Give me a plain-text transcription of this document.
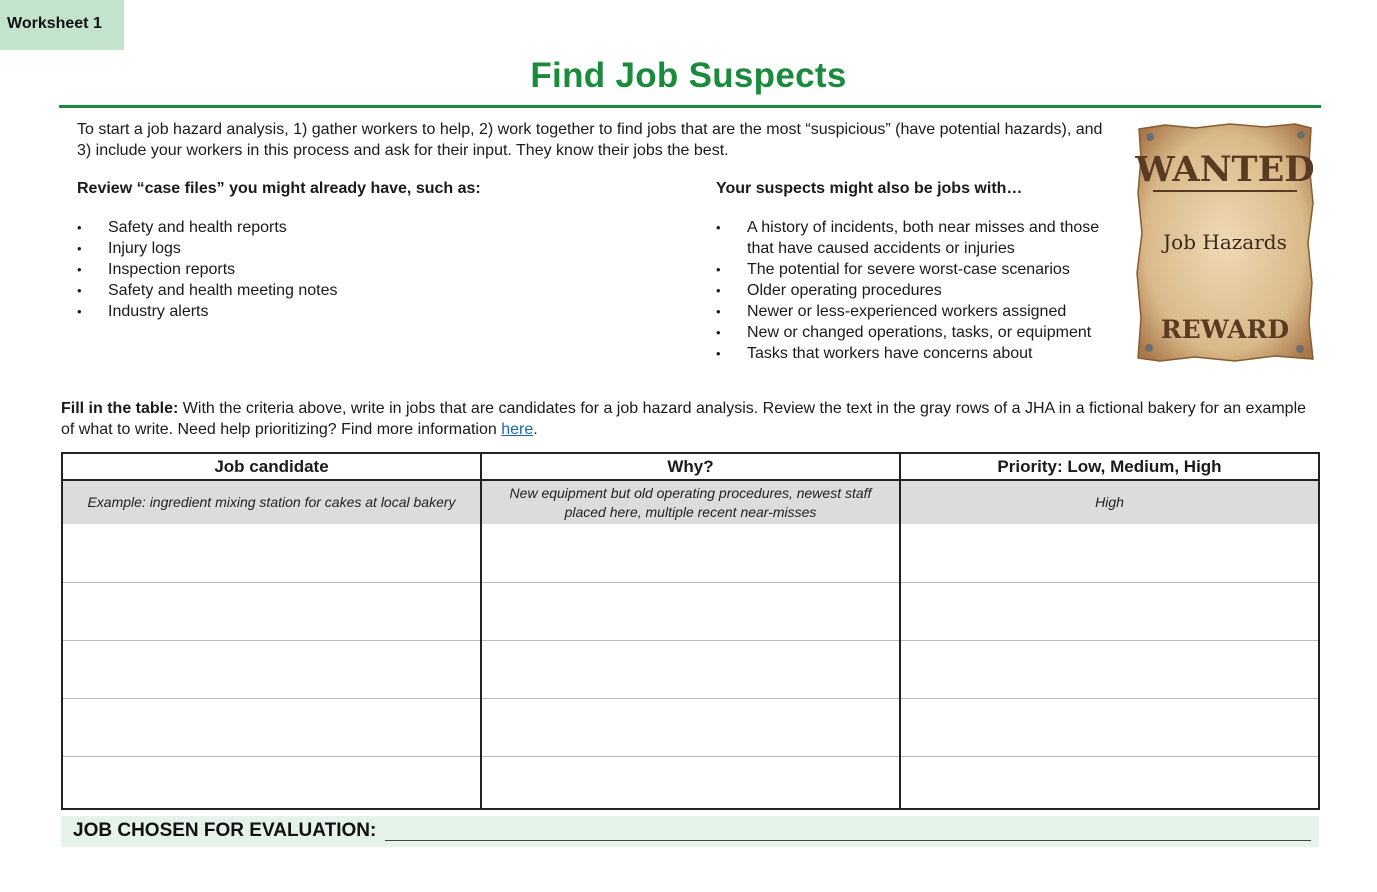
Worksheet 1
Find Job Suspects
To start a job hazard analysis, 1) gather workers to help, 2) work together to find jobs that are the most “suspicious” (have potential hazards), and 3) include your workers in this process and ask for their input. They know their jobs the best.
Review “case files” you might already have, such as:	Your suspects might also be jobs with…
• Safety and health reports
• Injury logs
• Inspection reports
• Safety and health meeting notes
• Industry alerts
• A history of incidents, both near misses and those that have caused accidents or injuries
• The potential for severe worst-case scenarios
• Older operating procedures
• Newer or less-experienced workers assigned
• New or changed operations, tasks, or equipment
• Tasks that workers have concerns about
WANTED
Job Hazards
REWARD
Fill in the table: With the criteria above, write in jobs that are candidates for a job hazard analysis. Review the text in the gray rows of a JHA in a fictional bakery for an example of what to write. Need help prioritizing? Find more information here.
Job candidate	Why?	Priority: Low, Medium, High
Example: ingredient mixing station for cakes at local bakery	New equipment but old operating procedures, newest staff placed here, multiple recent near-misses	High

JOB CHOSEN FOR EVALUATION:
